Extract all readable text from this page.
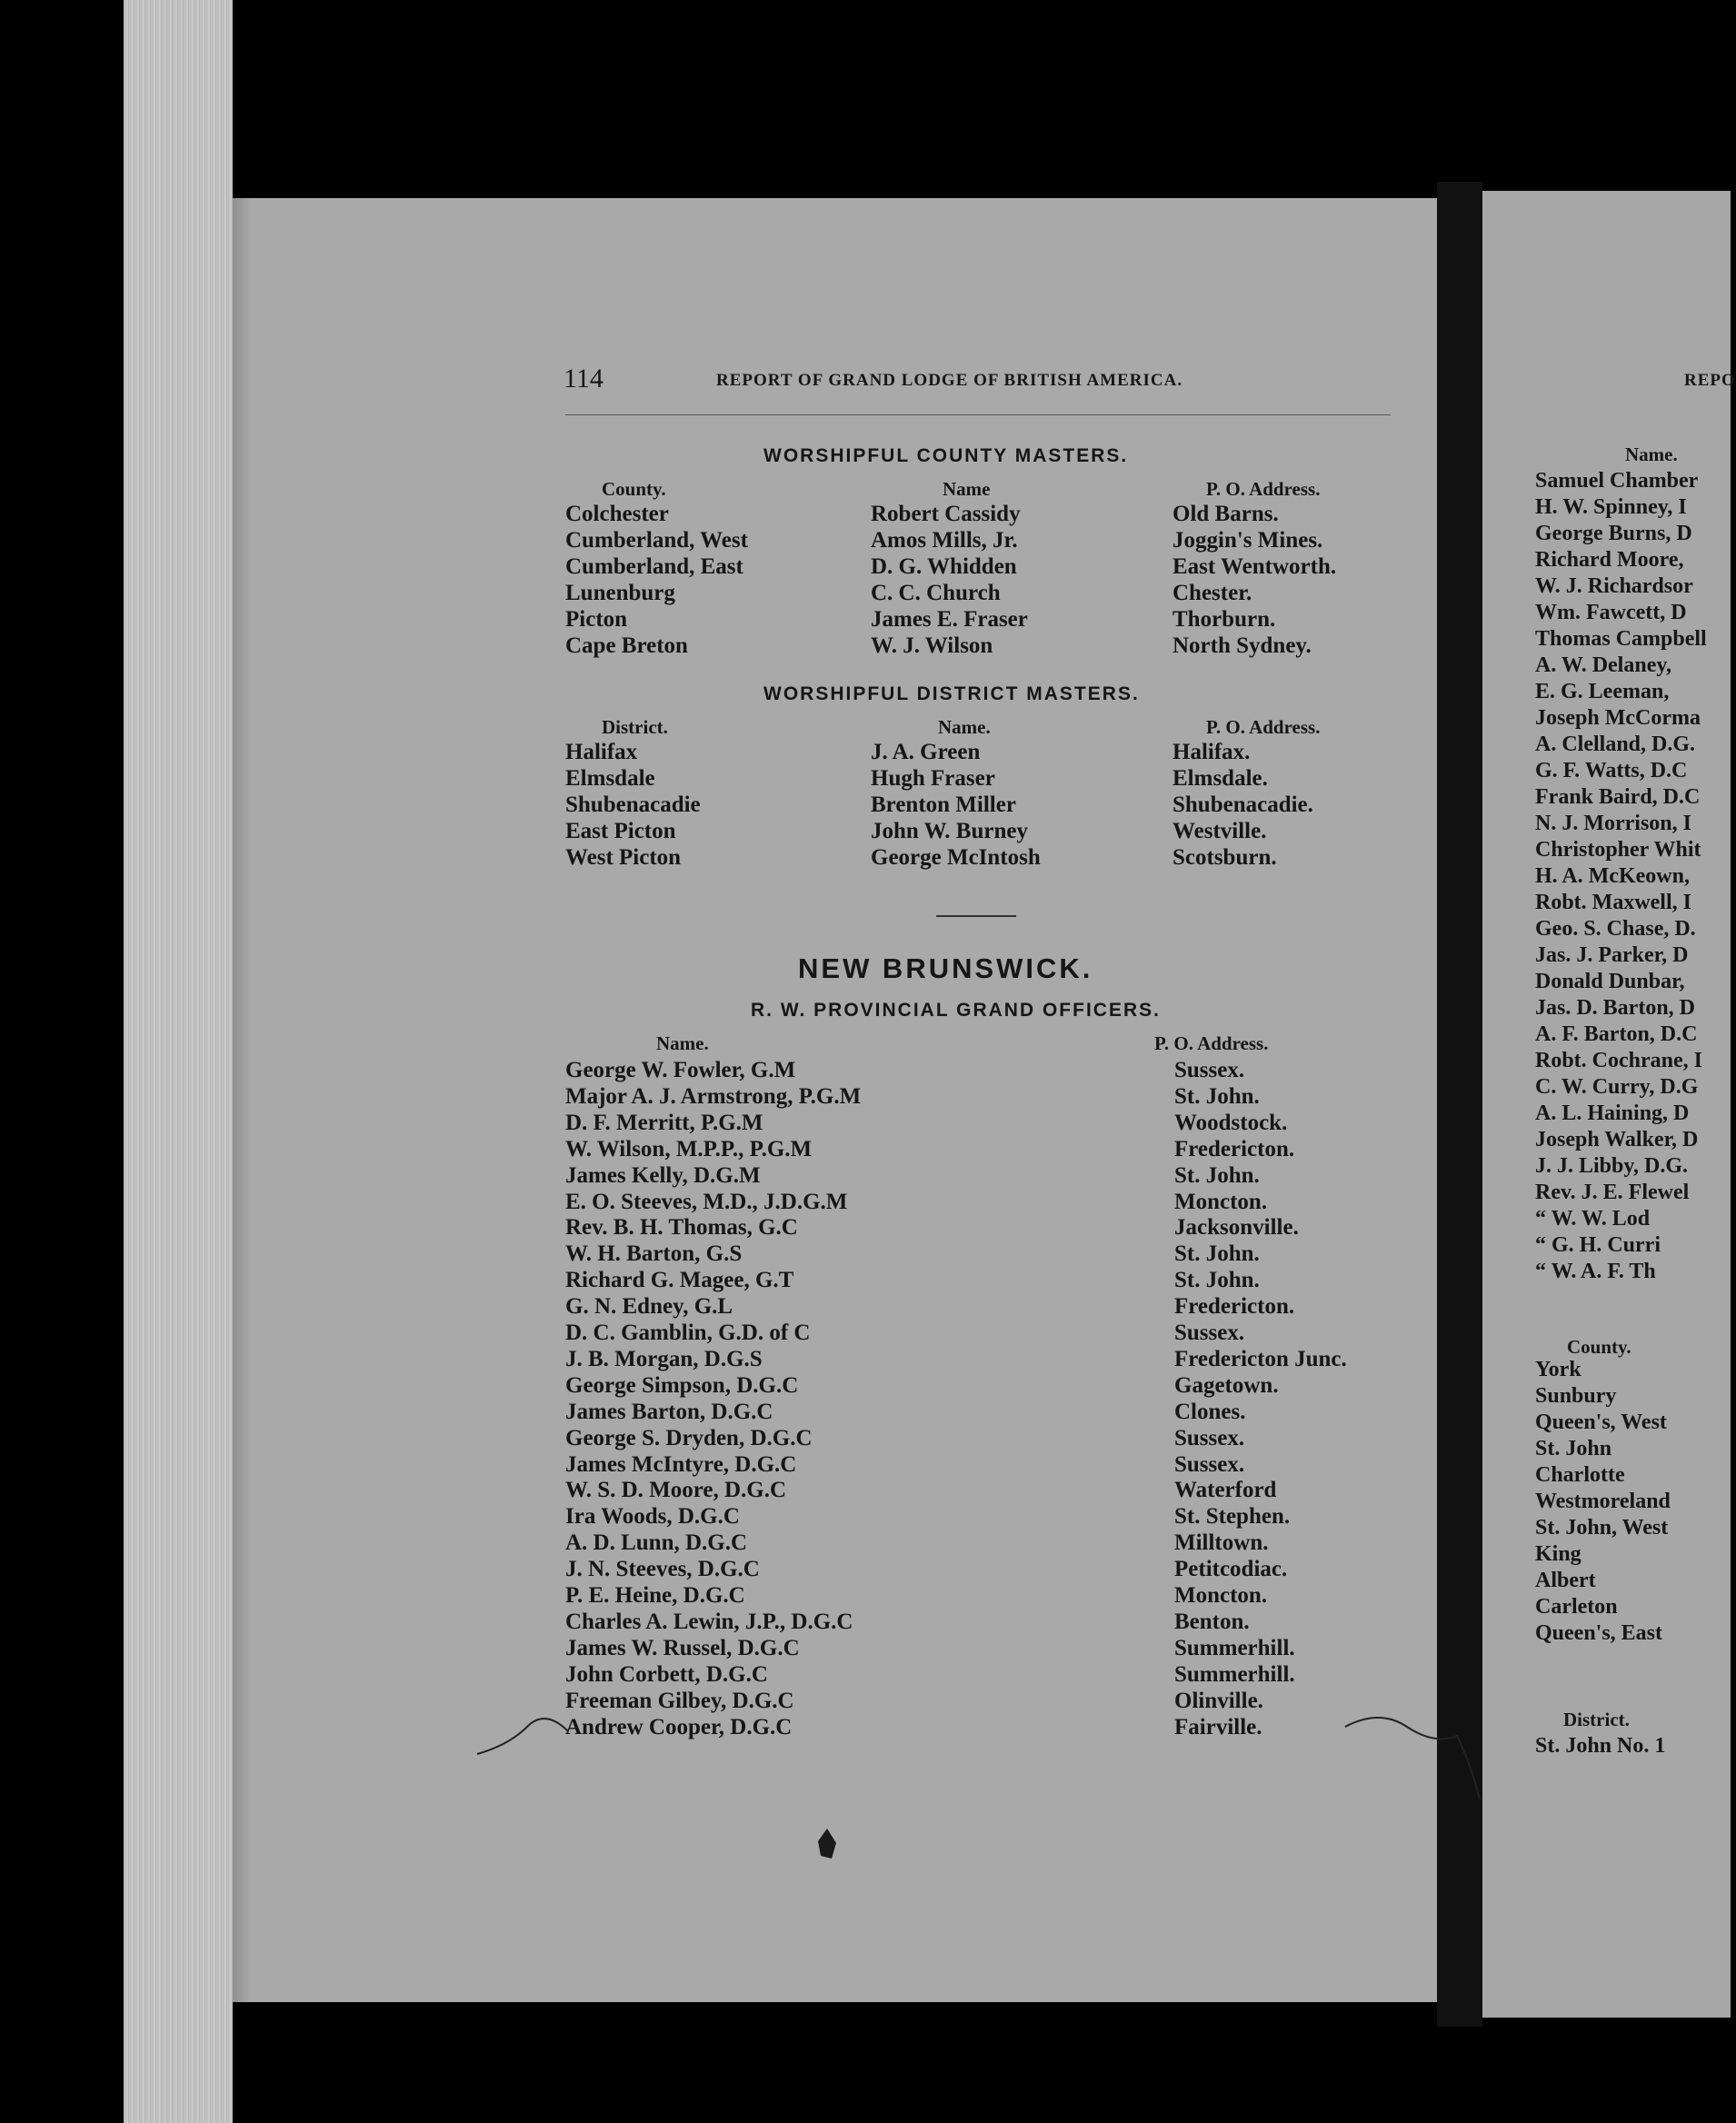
114	REPORT OF GRAND LODGE OF BRITISH AMERICA.
WORSHIPFUL COUNTY MASTERS.
County.	Name	P. O. Address.
Colchester	Robert Cassidy	Old Barns.
Cumberland, West	Amos Mills, Jr.	Joggin's Mines.
Cumberland, East	D. G. Whidden	East Wentworth.
Lunenburg	C. C. Church	Chester.
Picton	James E. Fraser	Thorburn.
Cape Breton	W. J. Wilson	North Sydney.
WORSHIPFUL DISTRICT MASTERS.
District.	Name.	P. O. Address.
Halifax	J. A. Green	Halifax.
Elmsdale	Hugh Fraser	Elmsdale.
Shubenacadie	Brenton Miller	Shubenacadie.
East Picton	John W. Burney	Westville.
West Picton	George McIntosh	Scotsburn.
NEW BRUNSWICK.
R. W. PROVINCIAL GRAND OFFICERS.
Name.	P. O. Address.
George W. Fowler, G.M	Sussex.
Major A. J. Armstrong, P.G.M	St. John.
D. F. Merritt, P.G.M	Woodstock.
W. Wilson, M.P.P., P.G.M	Fredericton.
James Kelly, D.G.M	St. John.
E. O. Steeves, M.D., J.D.G.M	Moncton.
Rev. B. H. Thomas, G.C	Jacksonville.
W. H. Barton, G.S	St. John.
Richard G. Magee, G.T	St. John.
G. N. Edney, G.L	Fredericton.
D. C. Gamblin, G.D. of C	Sussex.
J. B. Morgan, D.G.S	Fredericton Junc.
George Simpson, D.G.C	Gagetown.
James Barton, D.G.C	Clones.
George S. Dryden, D.G.C	Sussex.
James McIntyre, D.G.C	Sussex.
W. S. D. Moore, D.G.C	Waterford
Ira Woods, D.G.C	St. Stephen.
A. D. Lunn, D.G.C	Milltown.
J. N. Steeves, D.G.C	Petitcodiac.
P. E. Heine, D.G.C	Moncton.
Charles A. Lewin, J.P., D.G.C	Benton.
James W. Russel, D.G.C	Summerhill.
John Corbett, D.G.C	Summerhill.
Freeman Gilbey, D.G.C	Olinville.
Andrew Cooper, D.G.C	Fairville.
REPO
Name.
Samuel Chamber
H. W. Spinney, I
George Burns, D
Richard Moore,
W. J. Richardsor
Wm. Fawcett, D
Thomas Campbell
A. W. Delaney,
E. G. Leeman,
Joseph McCorma
A. Clelland, D.G.
G. F. Watts, D.C
Frank Baird, D.C
N. J. Morrison, I
Christopher Whit
H. A. McKeown,
Robt. Maxwell, I
Geo. S. Chase, D.
Jas. J. Parker, D
Donald Dunbar,
Jas. D. Barton, D
A. F. Barton, D.C
Robt. Cochrane, I
C. W. Curry, D.G
A. L. Haining, D
Joseph Walker, D
J. J. Libby, D.G.
Rev. J. E. Flewel
“ W. W. Lod
“ G. H. Curri
“ W. A. F. Th
County.
York
Sunbury
Queen's, West
St. John
Charlotte
Westmoreland
St. John, West
King
Albert
Carleton
Queen's, East
District.
St. John No. 1
